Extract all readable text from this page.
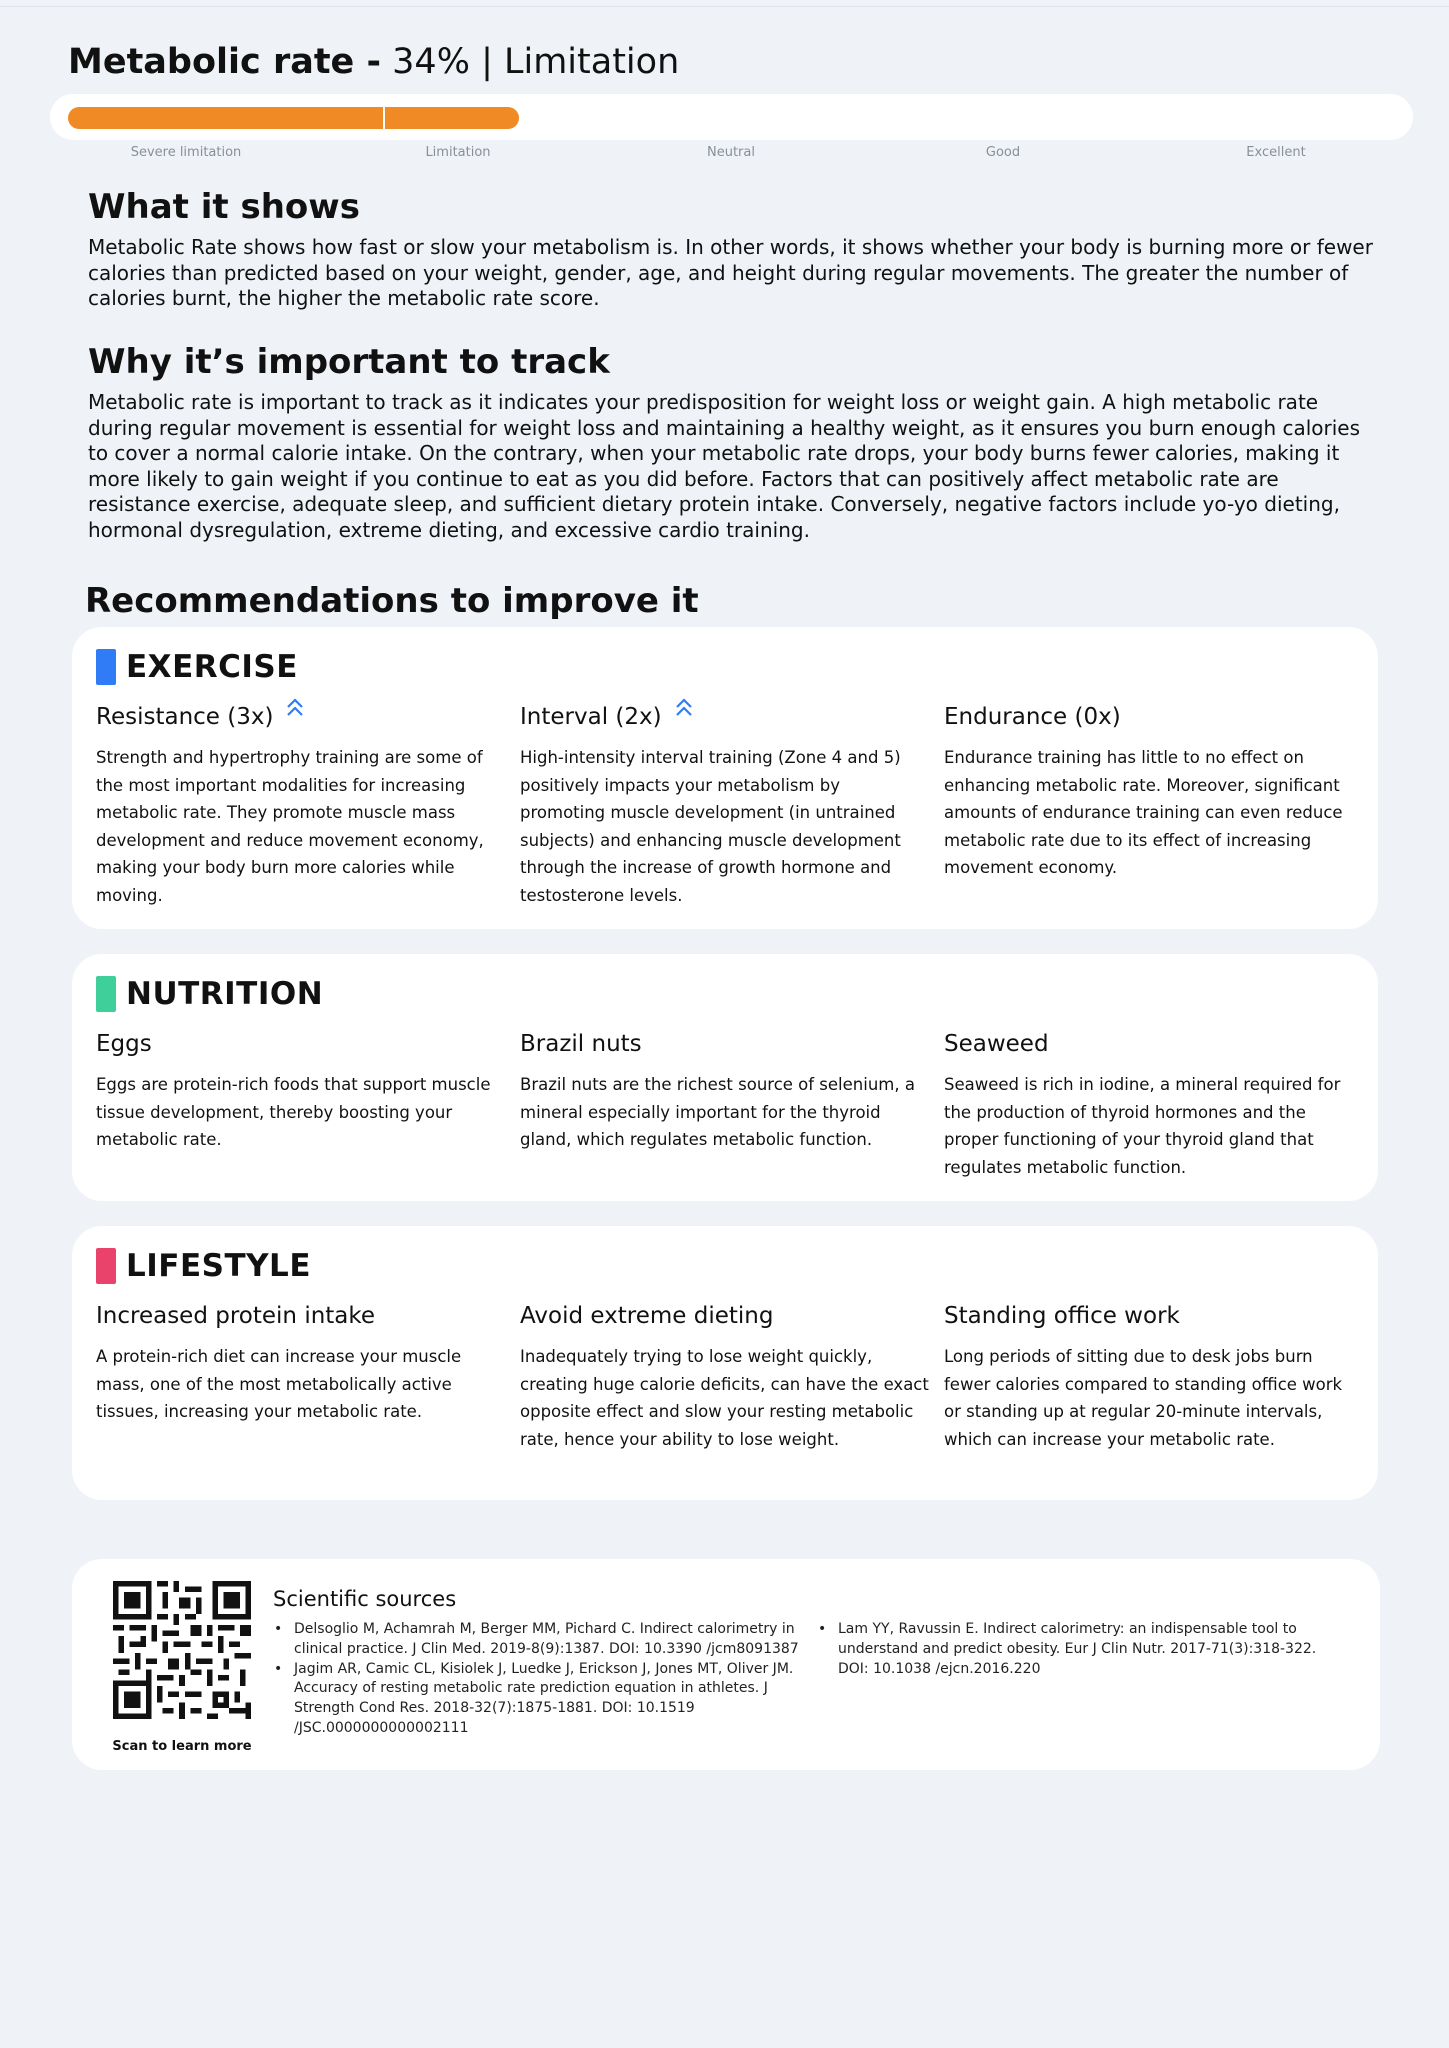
Metabolic rate - 34% | Limitation
Severe limitation	Limitation	Neutral	Good	Excellent
What it shows
Metabolic Rate shows how fast or slow your metabolism is. In other words, it shows whether your body is burning more or fewer calories than predicted based on your weight, gender, age, and height during regular movements. The greater the number of calories burnt, the higher the metabolic rate score.
Why it’s important to track
Metabolic rate is important to track as it indicates your predisposition for weight loss or weight gain. A high metabolic rate during regular movement is essential for weight loss and maintaining a healthy weight, as it ensures you burn enough calories to cover a normal calorie intake. On the contrary, when your metabolic rate drops, your body burns fewer calories, making it more likely to gain weight if you continue to eat as you did before. Factors that can positively affect metabolic rate are resistance exercise, adequate sleep, and sufficient dietary protein intake. Conversely, negative factors include yo-yo dieting, hormonal dysregulation, extreme dieting, and excessive cardio training.
Recommendations to improve it
EXERCISE
Resistance (3x)
Strength and hypertrophy training are some of the most important modalities for increasing metabolic rate. They promote muscle mass development and reduce movement economy, making your body burn more calories while moving.
Interval (2x)
High-intensity interval training (Zone 4 and 5) positively impacts your metabolism by promoting muscle development (in untrained subjects) and enhancing muscle development through the increase of growth hormone and testosterone levels.
Endurance (0x)
Endurance training has little to no effect on enhancing metabolic rate. Moreover, significant amounts of endurance training can even reduce metabolic rate due to its effect of increasing movement economy.
NUTRITION
Eggs
Eggs are protein-rich foods that support muscle tissue development, thereby boosting your metabolic rate.
Brazil nuts
Brazil nuts are the richest source of selenium, a mineral especially important for the thyroid gland, which regulates metabolic function.
Seaweed
Seaweed is rich in iodine, a mineral required for the production of thyroid hormones and the proper functioning of your thyroid gland that regulates metabolic function.
LIFESTYLE
Increased protein intake
A protein-rich diet can increase your muscle mass, one of the most metabolically active tissues, increasing your metabolic rate.
Avoid extreme dieting
Inadequately trying to lose weight quickly, creating huge calorie deficits, can have the exact opposite effect and slow your resting metabolic rate, hence your ability to lose weight.
Standing office work
Long periods of sitting due to desk jobs burn fewer calories compared to standing office work or standing up at regular 20-minute intervals, which can increase your metabolic rate.
Scan to learn more
Scientific sources
• Delsoglio M, Achamrah M, Berger MM, Pichard C. Indirect calorimetry in clinical practice. J Clin Med. 2019-8(9):1387. DOI: 10.3390 /jcm8091387
• Jagim AR, Camic CL, Kisiolek J, Luedke J, Erickson J, Jones MT, Oliver JM. Accuracy of resting metabolic rate prediction equation in athletes. J Strength Cond Res. 2018-32(7):1875-1881. DOI: 10.1519 /JSC.0000000000002111
• Lam YY, Ravussin E. Indirect calorimetry: an indispensable tool to understand and predict obesity. Eur J Clin Nutr. 2017-71(3):318-322. DOI: 10.1038 /ejcn.2016.220
